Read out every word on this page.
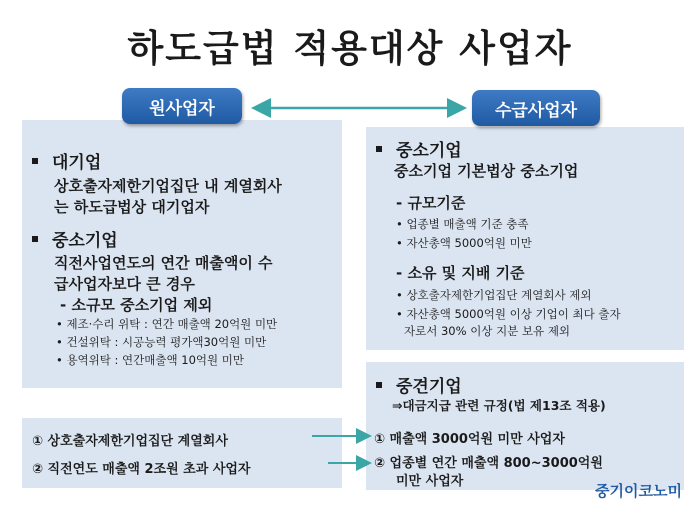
하도급법 적용대상 사업자
원사업자	수급사업자
대기업
상호출자제한기업집단 내 계열회사
는 하도급법상 대기업자
중소기업
직전사업연도의 연간 매출액이 수
급사업자보다 큰 경우
- 소규모 중소기업 제외
• 제조·수리 위탁 : 연간 매출액 20억원 미만
• 건설위탁 : 시공능력 평가액30억원 미만
• 용역위탁 : 연간매출액 10억원 미만
① 상호출자제한기업집단 계열회사
② 직전연도 매출액 2조원 초과 사업자
중소기업
중소기업 기본법상 중소기업
- 규모기준
• 업종별 매출액 기준 충족
• 자산총액 5000억원 미만
- 소유 및 지배 기준
• 상호출자제한기업집단 계열회사 제외
• 자산총액 5000억원 이상 기업이 최다 출자
자로서 30% 이상 지분 보유 제외
중견기업
⇒대금지급 관련 규정(법 제13조 적용)
① 매출액 3000억원 미만 사업자
② 업종별 연간 매출액 800~3000억원
미만 사업자
중기이코노미
